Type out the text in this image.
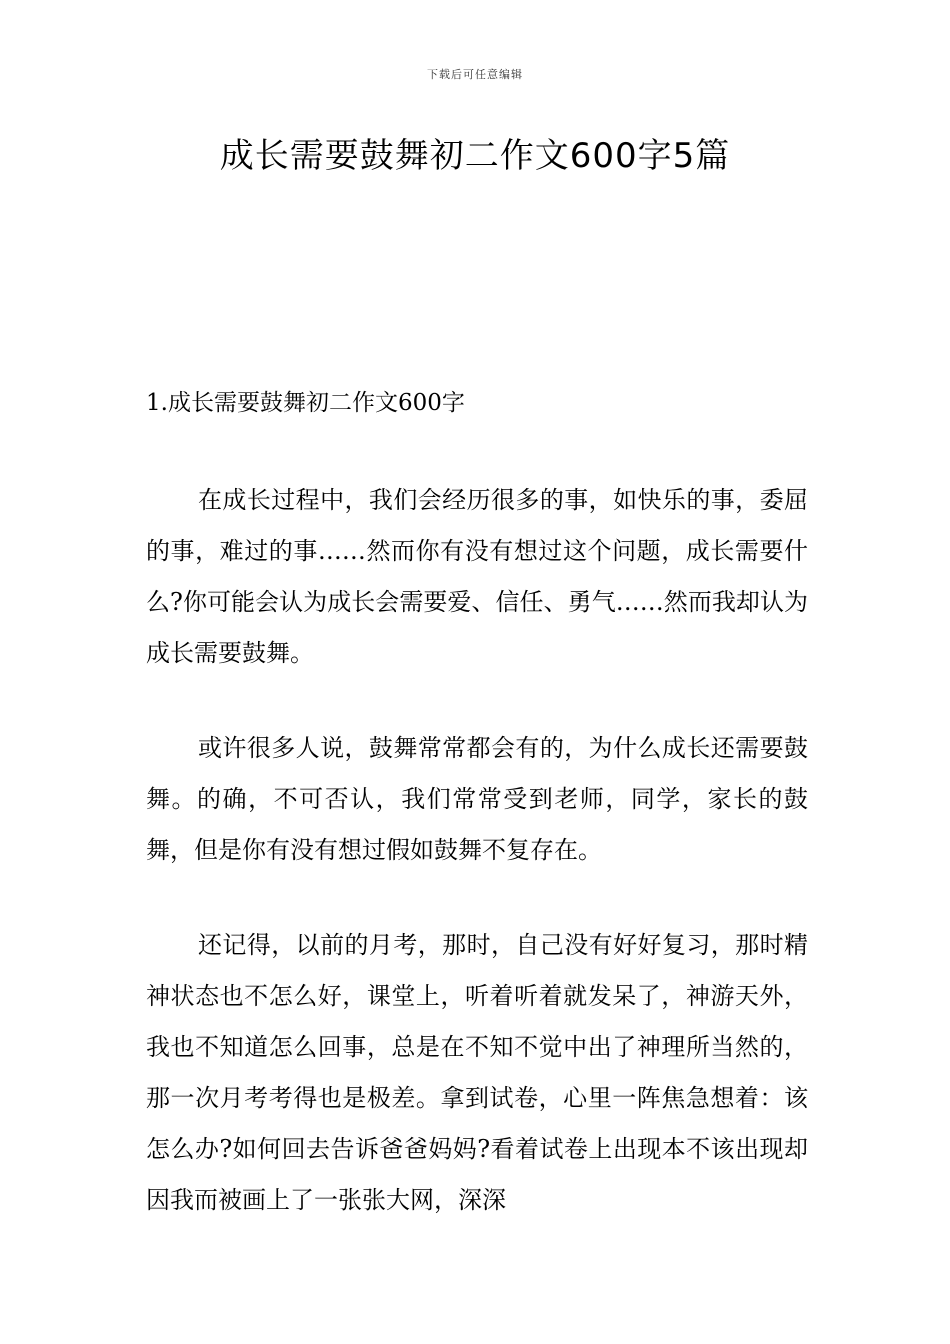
下载后可任意编辑
成长需要鼓舞初二作文600字5篇
1.成长需要鼓舞初二作文600字

在成长过程中，我们会经历很多的事，如快乐的事，委屈的事，难过的事……然而你有没有想过这个问题，成长需要什么?你可能会认为成长会需要爱、信任、勇气……然而我却认为成长需要鼓舞。

或许很多人说，鼓舞常常都会有的，为什么成长还需要鼓舞。的确，不可否认，我们常常受到老师，同学，家长的鼓舞，但是你有没有想过假如鼓舞不复存在。

还记得，以前的月考，那时，自己没有好好复习，那时精神状态也不怎么好，课堂上，听着听着就发呆了，神游天外，我也不知道怎么回事，总是在不知不觉中出了神理所当然的，那一次月考考得也是极差。拿到试卷，心里一阵焦急想着：该怎么办?如何回去告诉爸爸妈妈?看着试卷上出现本不该出现却因我而被画上了一张张大网，深深
